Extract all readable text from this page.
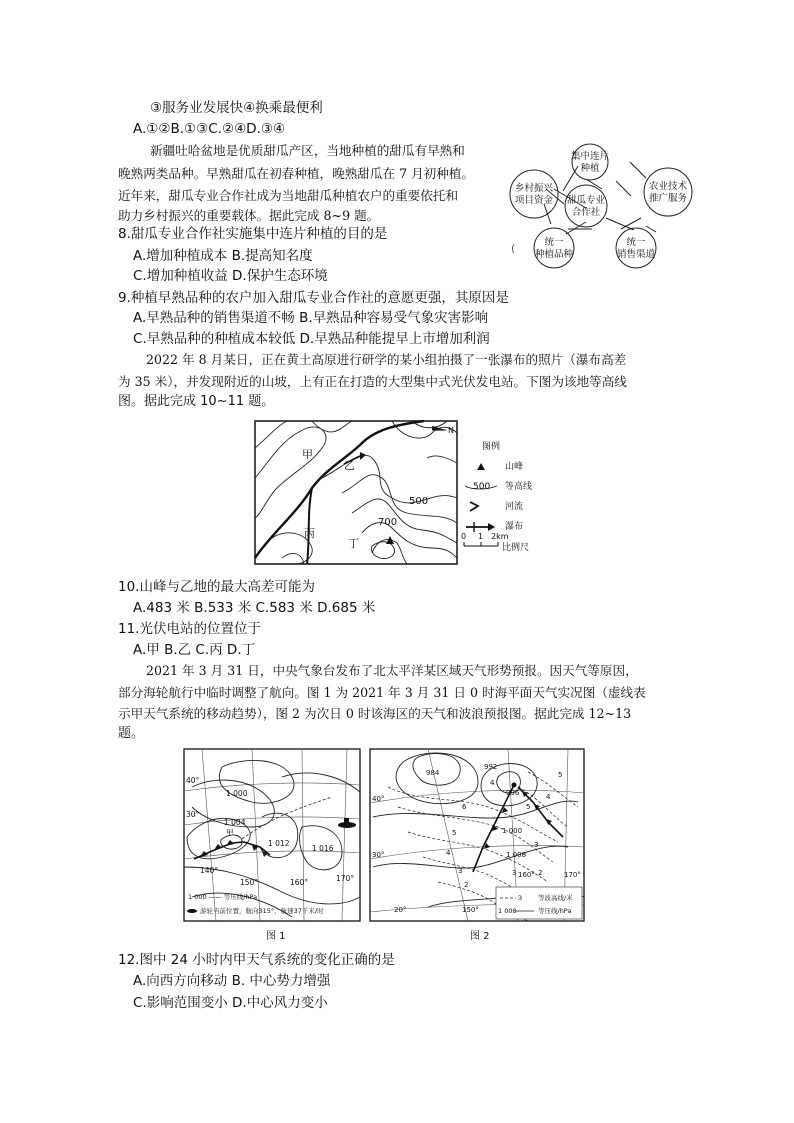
③服务业发展快④换乘最便利
A.①②B.①③C.②④D.③④
新疆吐哈盆地是优质甜瓜产区，当地种植的甜瓜有早熟和
晚熟两类品种。早熟甜瓜在初春种植，晚熟甜瓜在 7 月初种植。
近年来，甜瓜专业合作社成为当地甜瓜种植农户的重要依托和
助力乡村振兴的重要载体。据此完成 8~9 题。
集中连片
种植
农业技术
推广服务
统一
销售渠道
统一
种植品种
乡村振兴
项目资金 甜瓜专业
合作社
(
8.甜瓜专业合作社实施集中连片种植的目的是
A.增加种植成本 B.提高知名度
C.增加种植收益 D.保护生态环境
9.种植早熟品种的农户加入甜瓜专业合作社的意愿更强，其原因是
A.早熟品种的销售渠道不畅 B.早熟品种容易受气象灾害影响
C.早熟品种的种植成本较低 D.早熟品种能提早上市增加利润
2022 年 8 月某日，正在黄土高原进行研学的某小组拍摄了一张瀑布的照片（瀑布高差
为 35 米），并发现附近的山坡，上有正在打造的大型集中式光伏发电站。下图为该地等高线
图。据此完成 10~11 题。
N
甲
乙
丙
丁
500
700
图例
山峰
500 等高线
河流
瀑布
0 1 2km
比例尺
10.山峰与乙地的最大高差可能为
A.483 米 B.533 米 C.583 米 D.685 米
11.光伏电站的位置位于
A.甲 B.乙 C.丙 D.丁
2021 年 3 月 31 日，中央气象台发布了北太平洋某区域天气形势预报。因天气等原因，
部分海轮航行中临时调整了航向。图 1 为 2021 年 3 月 31 日 0 时海平面天气实况图（虚线表
示甲天气系统的移动趋势），图 2 为次日 0 时该海区的天气和波浪预报图。据此完成 12~13
题。
40°
30°
140°
150°	160°	170°
1 000
1 004
1 012
1 016
甲
1 000 —— 等压线/hPa
游轮当前位置，航向315°、航速37千米/时
图 1
984
992
996
1 000
1 008
6
5
4
3
2
5
4
3
2
4
5
3
40°
30°
20°	150°
160°	170°
3 等波高线/米
1 008	等压线/hPa
图 2
12.图中 24 小时内甲天气系统的变化正确的是
A.向西方向移动 B. 中心势力增强
C.影响范围变小 D.中心风力变小
